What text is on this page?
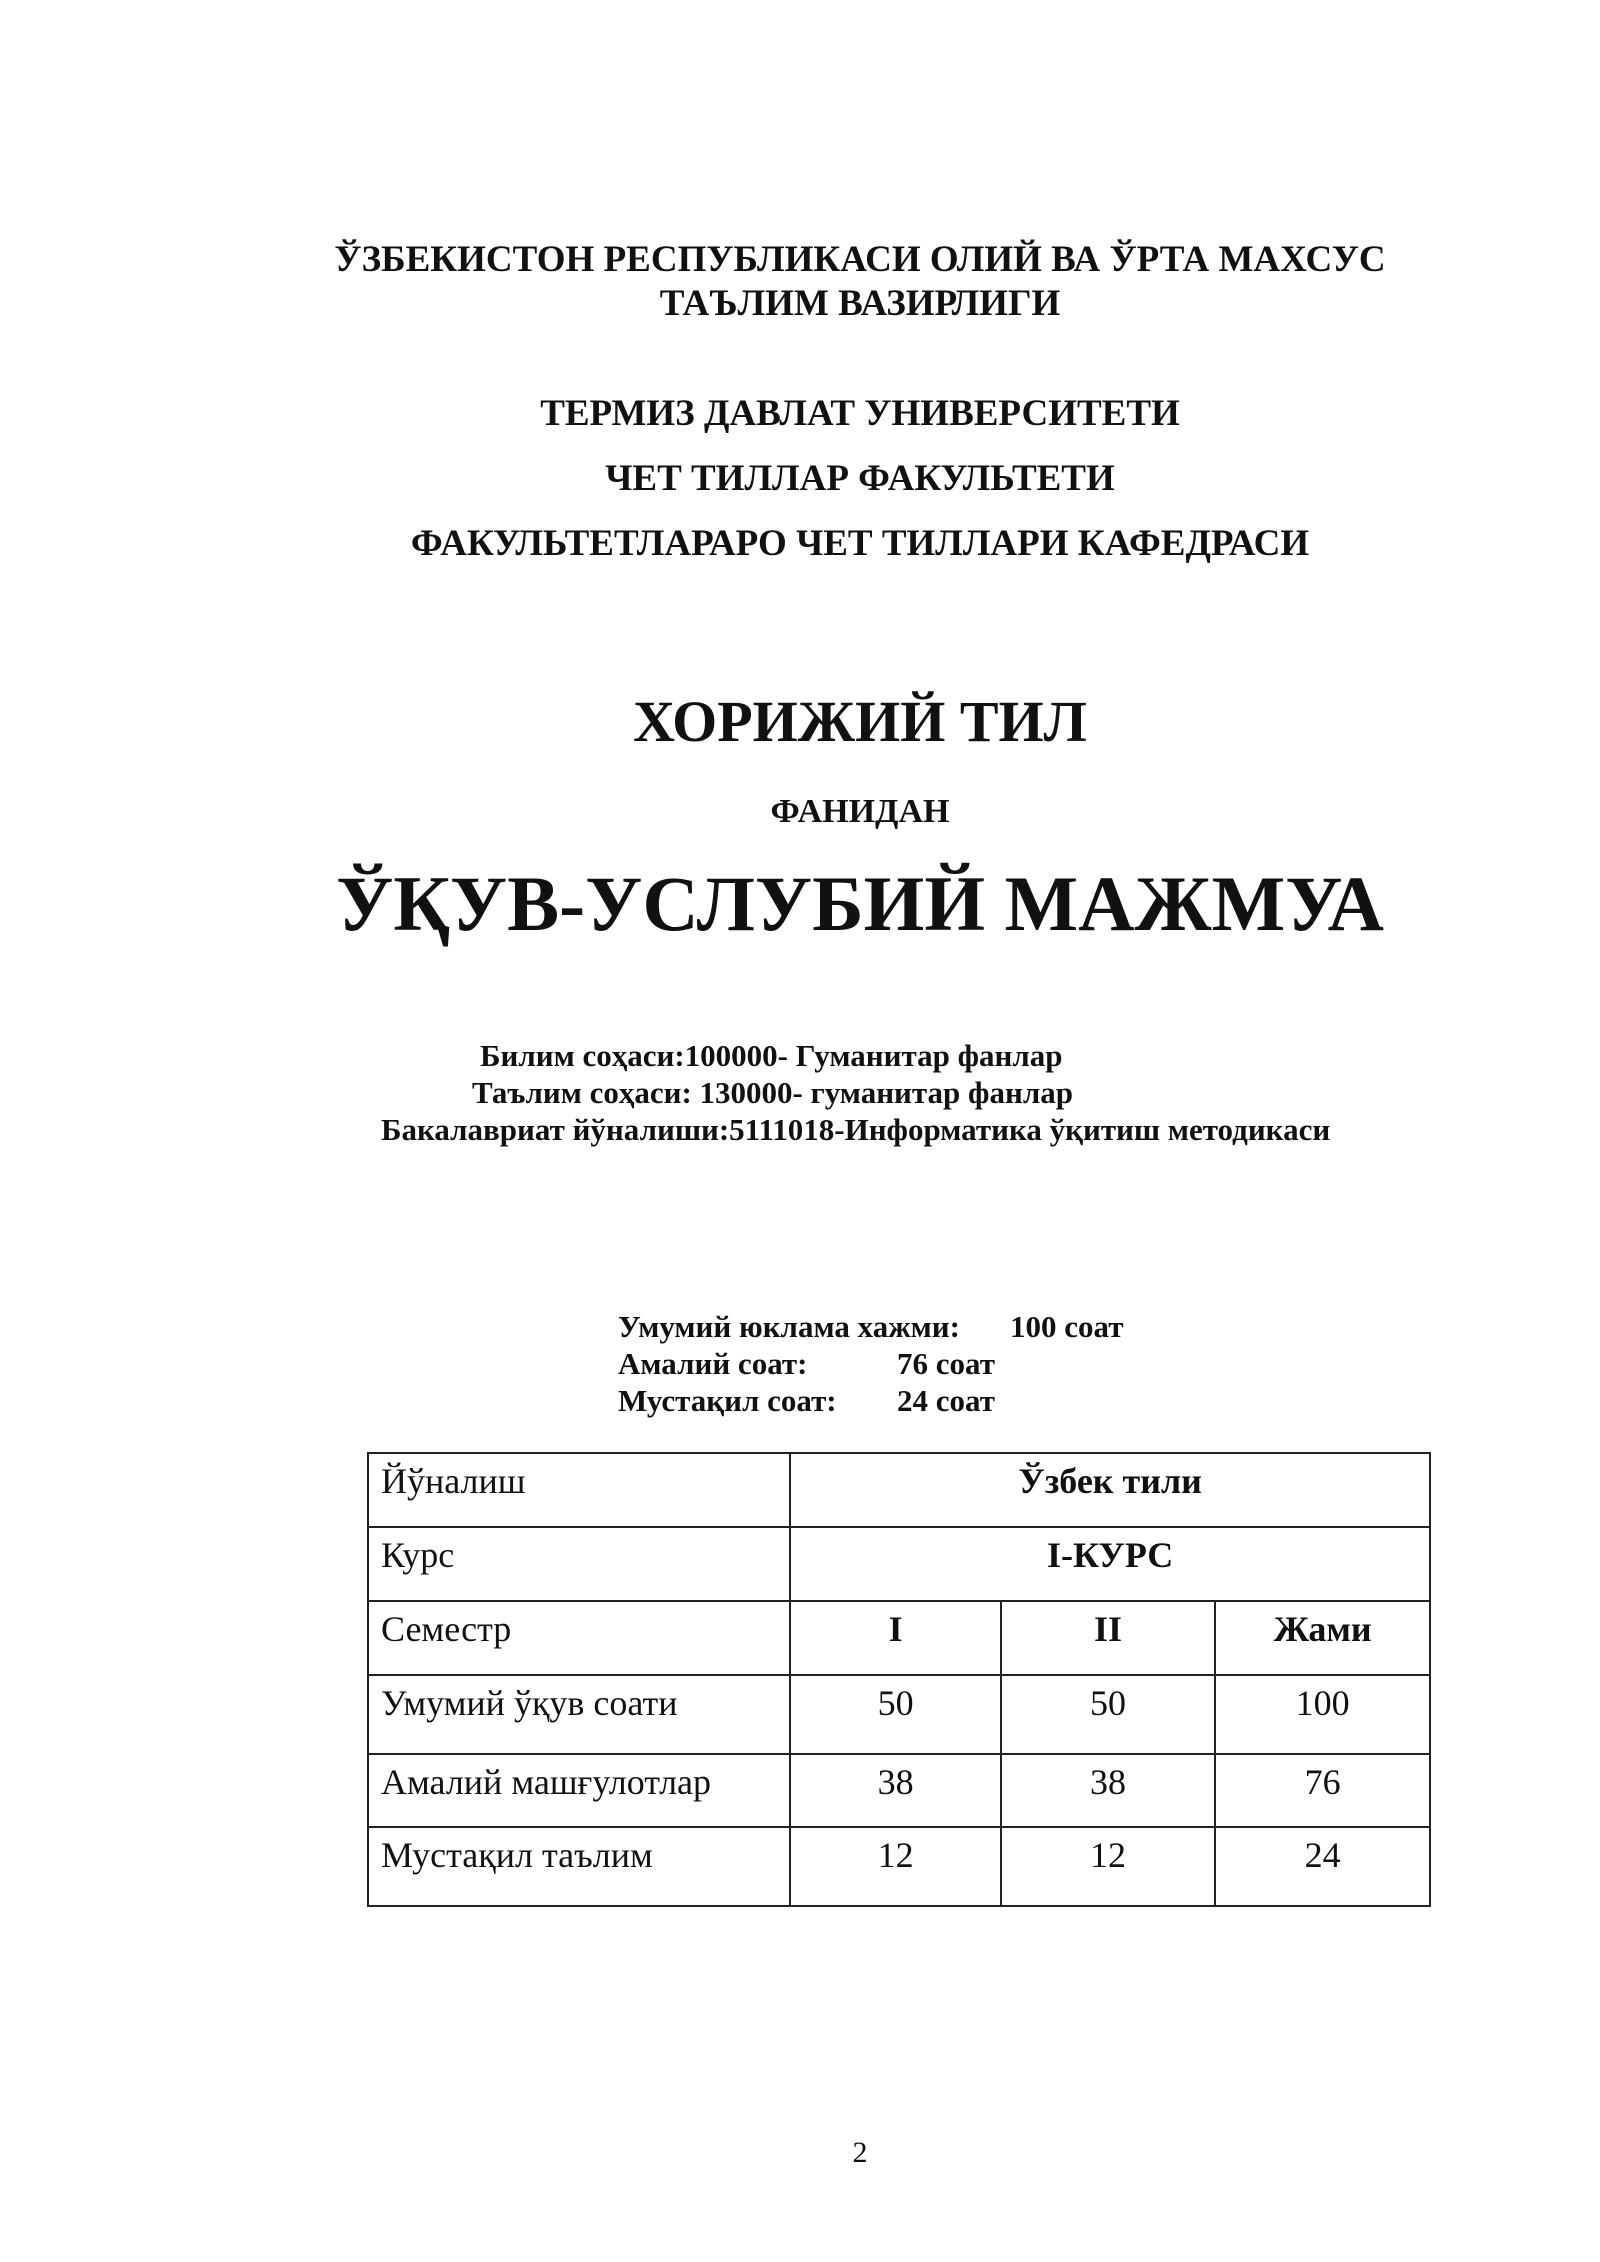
ЎЗБЕКИСТОН РЕСПУБЛИКАСИ ОЛИЙ ВА ЎРТА МАХСУС
ТАЪЛИМ ВАЗИРЛИГИ
ТЕРМИЗ ДАВЛАТ УНИВЕРСИТЕТИ
ЧЕТ ТИЛЛАР ФАКУЛЬТЕТИ
ФАКУЛЬТЕТЛАРАРО ЧЕТ ТИЛЛАРИ КАФЕДРАСИ
ХОРИЖИЙ ТИЛ
ФАНИДАН
ЎҚУВ-УСЛУБИЙ МАЖМУА
Билим соҳаси:100000- Гуманитар фанлар
Таълим соҳаси: 130000- гуманитар фанлар
Бакалавриат йўналиши:5111018-Информатика ўқитиш методикаси
Умумий юклама хажми: 100 соат
Амалий соат:	76 соат
Мустақил соат: 24 соат
Йўналиш	Ўзбек тили		
Курс	I-КУРС		
Семестр	I	II	Жами
Умумий ўқув соати	50	50	100
Амалий машғулотлар	38	38	76
Мустақил таълим	12	12	24
2
